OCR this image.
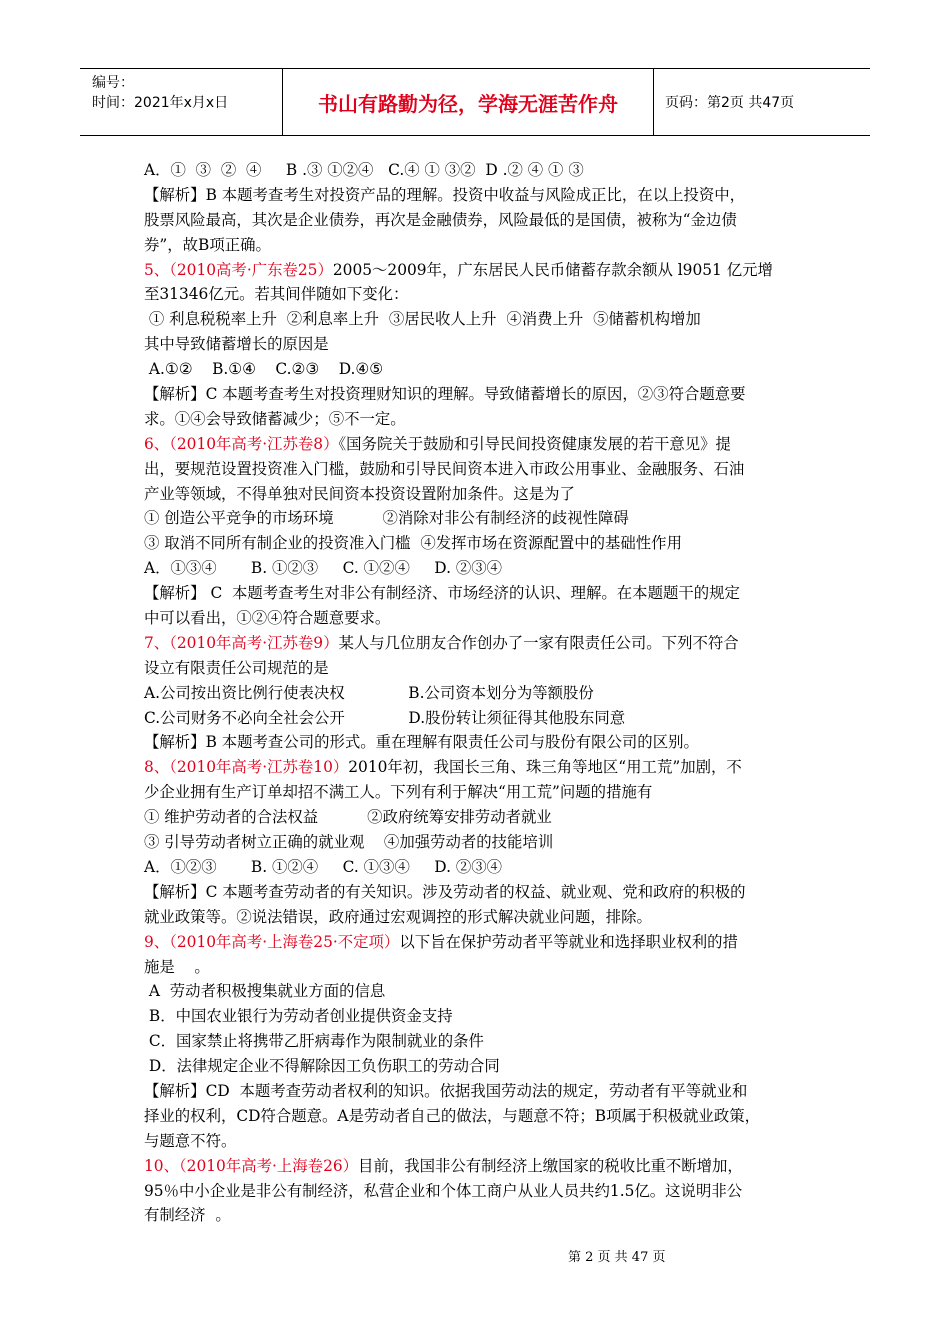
编号：
时间：2021年x月x日	书山有路勤为径，学海无涯苦作舟	页码：第2页 共47页
A．①  ③  ②  ④     B .③ ①②④   C.④ ① ③②  D .② ④ ① ③
【解析】B 本题考查考生对投资产品的理解。投资中收益与风险成正比，在以上投资中，
股票风险最高，其次是企业债券，再次是金融债券，风险最低的是国债，被称为“金边债
券”，故B项正确。
5、（2010高考·广东卷25）2005～2009年，广东居民人民币储蓄存款余额从 l9051 亿元增
至31346亿元。若其间伴随如下变化：
① 利息税税率上升  ②利息率上升  ③居民收人上升  ④消费上升  ⑤储蓄机构增加
其中导致储蓄增长的原因是
A.①②    B.①④    C.②③    D.④⑤
【解析】C 本题考查考生对投资理财知识的理解。导致储蓄增长的原因，②③符合题意要
求。①④会导致储蓄减少；⑤不一定。
6、（2010年高考·江苏卷8）《国务院关于鼓励和引导民间投资健康发展的若干意见》提
出，要规范设置投资准入门槛，鼓励和引导民间资本进入市政公用事业、金融服务、石油
产业等领域，不得单独对民间资本投资设置附加条件。这是为了
① 创造公平竞争的市场环境          ②消除对非公有制经济的歧视性障碍
③ 取消不同所有制企业的投资准入门槛  ④发挥市场在资源配置中的基础性作用
A．①③④       B. ①②③     C. ①②④     D. ②③④
【解析】 C  本题考查考生对非公有制经济、市场经济的认识、理解。在本题题干的规定
中可以看出，①②④符合题意要求。
7、（2010年高考·江苏卷9）某人与几位朋友合作创办了一家有限责任公司。下列不符合
设立有限责任公司规范的是
A.公司按出资比例行使表决权             B.公司资本划分为等额股份
C.公司财务不必向全社会公开             D.股份转让须征得其他股东同意
【解析】B 本题考查公司的形式。重在理解有限责任公司与股份有限公司的区别。
8、（2010年高考·江苏卷10）2010年初，我国长三角、珠三角等地区“用工荒”加剧，不
少企业拥有生产订单却招不满工人。下列有利于解决“用工荒”问题的措施有
① 维护劳动者的合法权益          ②政府统筹安排劳动者就业
③ 引导劳动者树立正确的就业观    ④加强劳动者的技能培训
A．①②③       B. ①②④     C. ①③④     D. ②③④
【解析】C 本题考查劳动者的有关知识。涉及劳动者的权益、就业观、党和政府的积极的
就业政策等。②说法错误，政府通过宏观调控的形式解决就业问题，排除。
9、（2010年高考·上海卷25·不定项）以下旨在保护劳动者平等就业和选择职业权利的措
施是    。
A  劳动者积极搜集就业方面的信息
B．中国农业银行为劳动者创业提供资金支持
C．国家禁止将携带乙肝病毒作为限制就业的条件
D．法律规定企业不得解除因工负伤职工的劳动合同
【解析】CD  本题考查劳动者权利的知识。依据我国劳动法的规定，劳动者有平等就业和
择业的权利，CD符合题意。A是劳动者自己的做法，与题意不符；B项属于积极就业政策，
与题意不符。
10、（2010年高考·上海卷26）目前，我国非公有制经济上缴国家的税收比重不断增加，
95％中小企业是非公有制经济，私营企业和个体工商户从业人员共约1.5亿。这说明非公
有制经济  。
第 2 页 共 47 页
